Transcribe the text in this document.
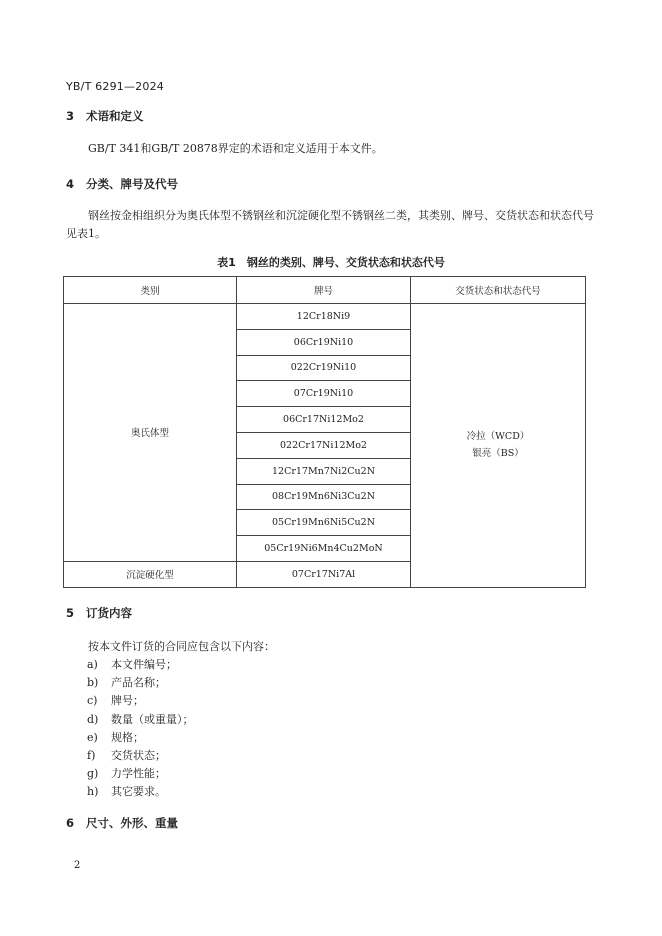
YB/T 6291—2024
3 术语和定义
GB/T 341和GB/T 20878界定的术语和定义适用于本文件。
4 分类、牌号及代号
钢丝按金相组织分为奥氏体型不锈钢丝和沉淀硬化型不锈钢丝二类，其类别、牌号、交货状态和状态代号见表1。
表1　钢丝的类别、牌号、交货状态和状态代号
类别	牌号	交货状态和状态代号
奥氏体型	12Cr18Ni9	冷拉（WCD）
银亮（BS）

	06Cr19Ni10	
	022Cr19Ni10	
	07Cr19Ni10	
	06Cr17Ni12Mo2	
	022Cr17Ni12Mo2	
	12Cr17Mn7Ni2Cu2N	
	08Cr19Mn6Ni3Cu2N	
	05Cr19Mn6Ni5Cu2N	
	05Cr19Ni6Mn4Cu2MoN	
沉淀硬化型	07Cr17Ni7Al	
5 订货内容
按本文件订货的合同应包含以下内容：
a) 本文件编号；
b) 产品名称；
c) 牌号；
d) 数量（或重量）；
e) 规格；
f) 交货状态；
g) 力学性能；
h) 其它要求。
6 尺寸、外形、重量
2
